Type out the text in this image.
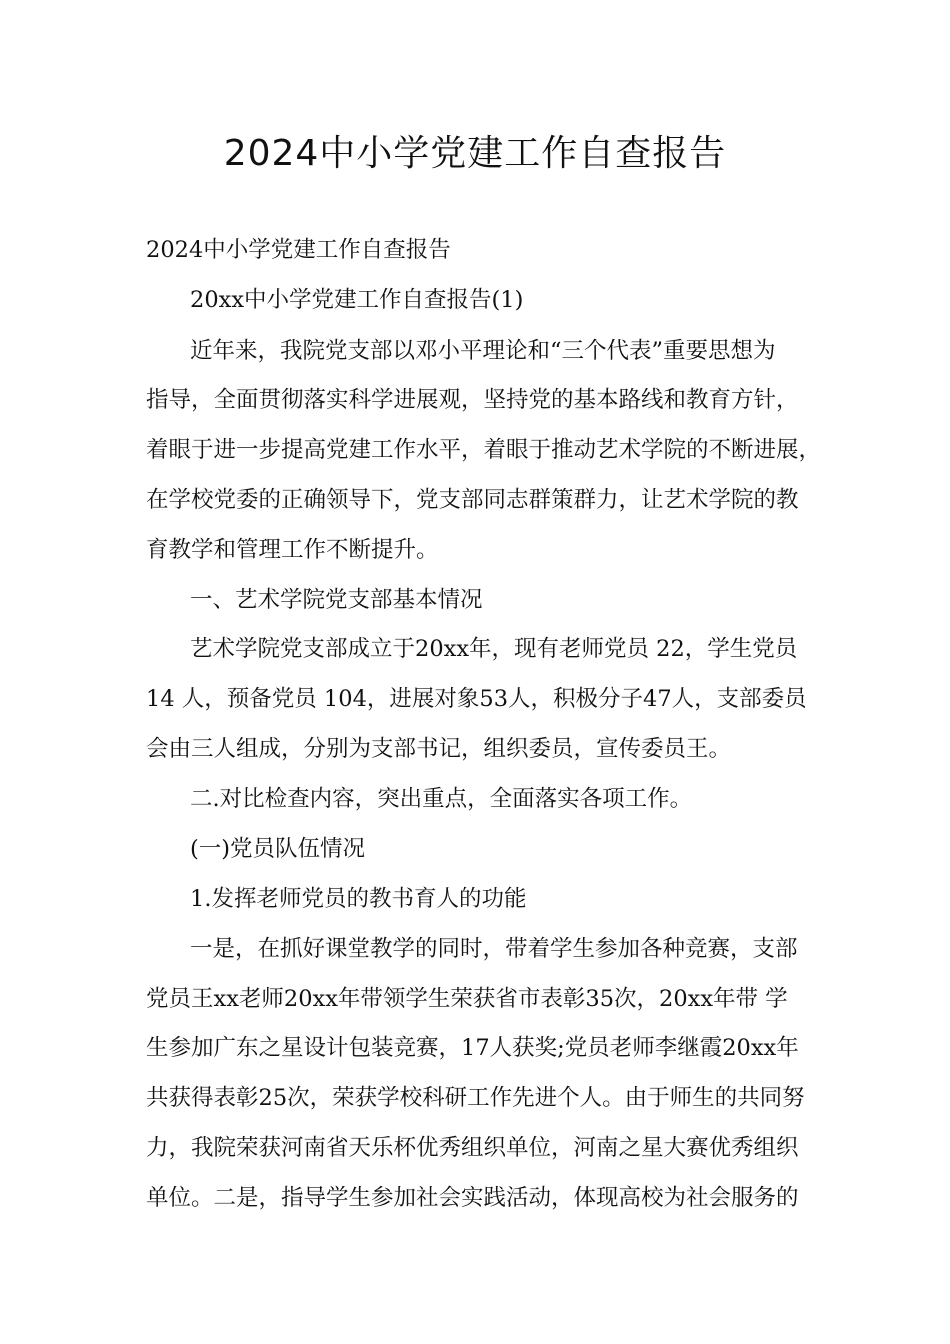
2024中小学党建工作自查报告

2024中小学党建工作自查报告

20xx中小学党建工作自查报告(1)

近年来，我院党支部以邓小平理论和“三个代表”重要思想为

指导，全面贯彻落实科学进展观，坚持党的基本路线和教育方针，

着眼于进一步提高党建工作水平，着眼于推动艺术学院的不断进展，

在学校党委的正确领导下，党支部同志群策群力，让艺术学院的教

育教学和管理工作不断提升。

一、艺术学院党支部基本情况

艺术学院党支部成立于20xx年，现有老师党员 22，学生党员

14 人，预备党员 104，进展对象53人，积极分子47人，支部委员

会由三人组成，分别为支部书记，组织委员，宣传委员王。

二.对比检查内容，突出重点，全面落实各项工作。

(一)党员队伍情况

1.发挥老师党员的教书育人的功能

一是，在抓好课堂教学的同时，带着学生参加各种竞赛，支部

党员王xx老师20xx年带领学生荣获省市表彰35次，20xx年带 学

生参加广东之星设计包装竞赛，17人获奖;党员老师李继霞20xx年

共获得表彰25次，荣获学校科研工作先进个人。由于师生的共同努

力，我院荣获河南省天乐杯优秀组织单位，河南之星大赛优秀组织

单位。二是，指导学生参加社会实践活动，体现高校为社会服务的
